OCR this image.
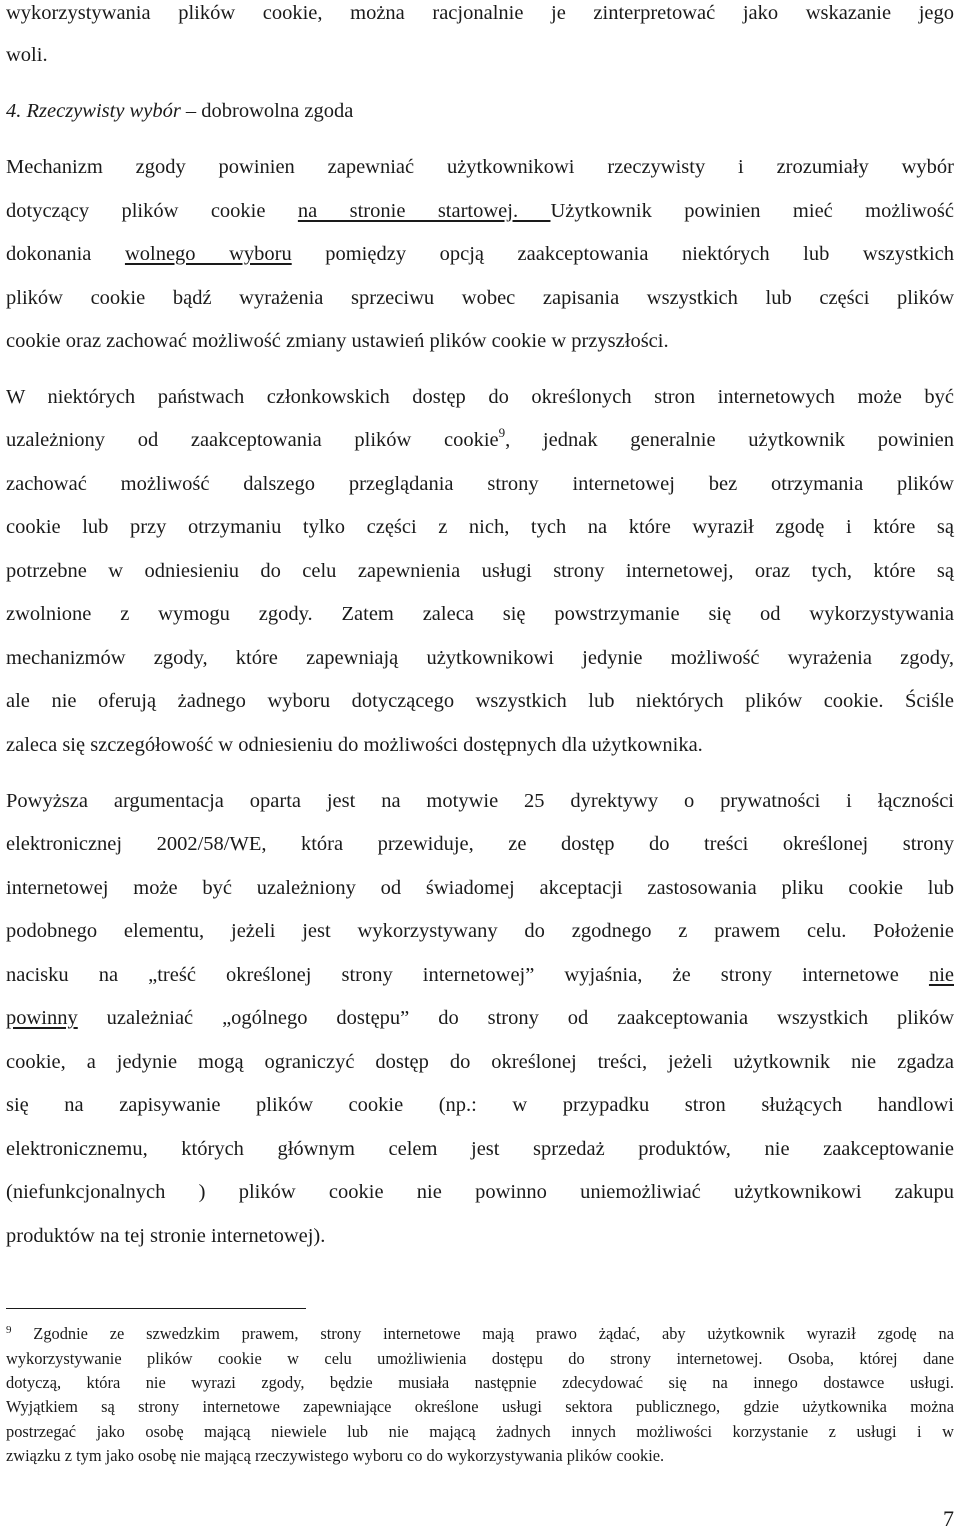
wykorzystywania plików cookie, można racjonalnie je zinterpretować jako wskazanie jego
woli.
4. Rzeczywisty wybór – dobrowolna zgoda
Mechanizm zgody powinien zapewniać użytkownikowi rzeczywisty i zrozumiały wybór
dotyczący plików cookie na stronie startowej. Użytkownik powinien mieć możliwość
dokonania wolnego wyboru pomiędzy opcją zaakceptowania niektórych lub wszystkich
plików cookie bądź wyrażenia sprzeciwu wobec zapisania wszystkich lub części plików
cookie oraz zachować możliwość zmiany ustawień plików cookie w przyszłości.
W niektórych państwach członkowskich dostęp do określonych stron internetowych może być
uzależniony od zaakceptowania plików cookie$^9$, jednak generalnie użytkownik powinien
zachować możliwość dalszego przeglądania strony internetowej bez otrzymania plików
cookie lub przy otrzymaniu tylko części z nich, tych na które wyraził zgodę i które są
potrzebne w odniesieniu do celu zapewnienia usługi strony internetowej, oraz tych, które są
zwolnione z wymogu zgody. Zatem zaleca się powstrzymanie się od wykorzystywania
mechanizmów zgody, które zapewniają użytkownikowi jedynie możliwość wyrażenia zgody,
ale nie oferują żadnego wyboru dotyczącego wszystkich lub niektórych plików cookie. Ściśle
zaleca się szczegółowość w odniesieniu do możliwości dostępnych dla użytkownika.
Powyższa argumentacja oparta jest na motywie 25 dyrektywy o prywatności i łączności
elektronicznej 2002/58/WE, która przewiduje, ze dostęp do treści określonej strony
internetowej może być uzależniony od świadomej akceptacji zastosowania pliku cookie lub
podobnego elementu, jeżeli jest wykorzystywany do zgodnego z prawem celu. Położenie
nacisku na „treść określonej strony internetowej” wyjaśnia, że strony internetowe nie
powinny uzależniać „ogólnego dostępu” do strony od zaakceptowania wszystkich plików
cookie, a jedynie mogą ograniczyć dostęp do określonej treści, jeżeli użytkownik nie zgadza
się na zapisywanie plików cookie (np.: w przypadku stron służących handlowi
elektronicznemu, których głównym celem jest sprzedaż produktów, nie zaakceptowanie
(niefunkcjonalnych ) plików cookie nie powinno uniemożliwiać użytkownikowi zakupu
produktów na tej stronie internetowej).
$^9$ Zgodnie ze szwedzkim prawem, strony internetowe mają prawo żądać, aby użytkownik wyraził zgodę na
wykorzystywanie plików cookie w celu umożliwienia dostępu do strony internetowej. Osoba, której dane
dotyczą, która nie wyrazi zgody, będzie musiała następnie zdecydować się na innego dostawce usługi.
Wyjątkiem są strony internetowe zapewniające określone usługi sektora publicznego, gdzie użytkownika można
postrzegać jako osobę mającą niewiele lub nie mającą żadnych innych możliwości korzystanie z usługi i w
związku z tym jako osobę nie mającą rzeczywistego wyboru co do wykorzystywania plików cookie.
7
